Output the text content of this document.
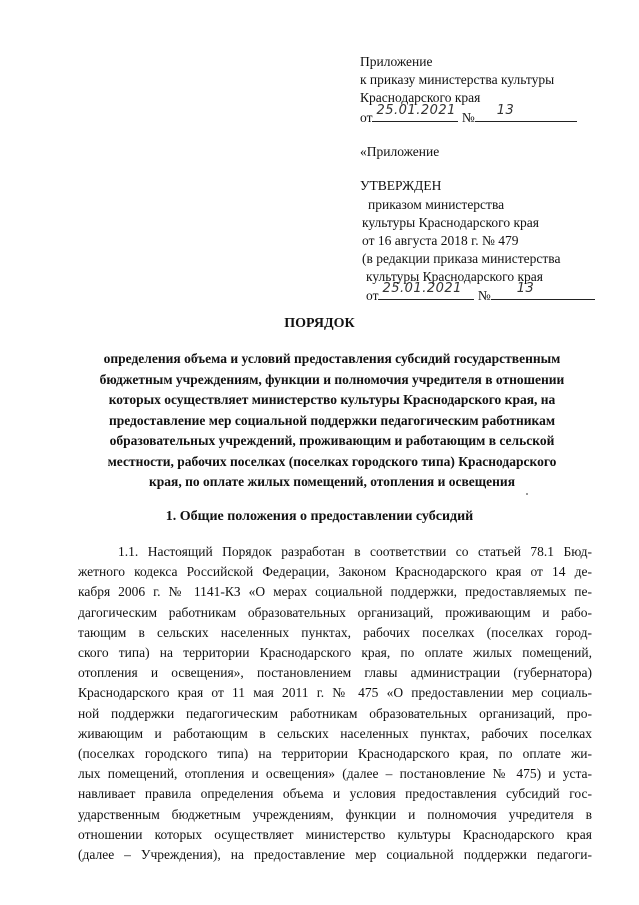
Приложение
к приказу министерства культуры
Краснодарского края
от 25.01.2021 № 13
«Приложение
УТВЕРЖДЕН
приказом министерства
культуры Краснодарского края
от 16 августа 2018 г. № 479
(в редакции приказа министерства
культуры Краснодарского края
от 25.01.2021 № 13
ПОРЯДОК
определения объема и условий предоставления субсидий государственным бюджетным учреждениям, функции и полномочия учредителя в отношении которых осуществляет министерство культуры Краснодарского края, на предоставление мер социальной поддержки педагогическим работникам образовательных учреждений, проживающим и работающим в сельской местности, рабочих поселках (поселках городского типа) Краснодарского края, по оплате жилых помещений, отопления и освещения
1. Общие положения о предоставлении субсидий
1.1. Настоящий Порядок разработан в соответствии со статьей 78.1 Бюд-
жетного кодекса Российской Федерации, Законом Краснодарского края от 14 де-
кабря 2006 г. № 1141-КЗ «О мерах социальной поддержки, предоставляемых пе-
дагогическим работникам образовательных организаций, проживающим и рабо-
тающим в сельских населенных пунктах, рабочих поселках (поселках город-
ского типа) на территории Краснодарского края, по оплате жилых помещений,
отопления и освещения», постановлением главы администрации (губернатора)
Краснодарского края от 11 мая 2011 г. № 475 «О предоставлении мер социаль-
ной поддержки педагогическим работникам образовательных организаций, про-
живающим и работающим в сельских населенных пунктах, рабочих поселках
(поселках городского типа) на территории Краснодарского края, по оплате жи-
лых помещений, отопления и освещения» (далее – постановление № 475) и уста-
навливает правила определения объема и условия предоставления субсидий гос-
ударственным бюджетным учреждениям, функции и полномочия учредителя в
отношении которых осуществляет министерство культуры Краснодарского края
(далее – Учреждения), на предоставление мер социальной поддержки педагоги-
